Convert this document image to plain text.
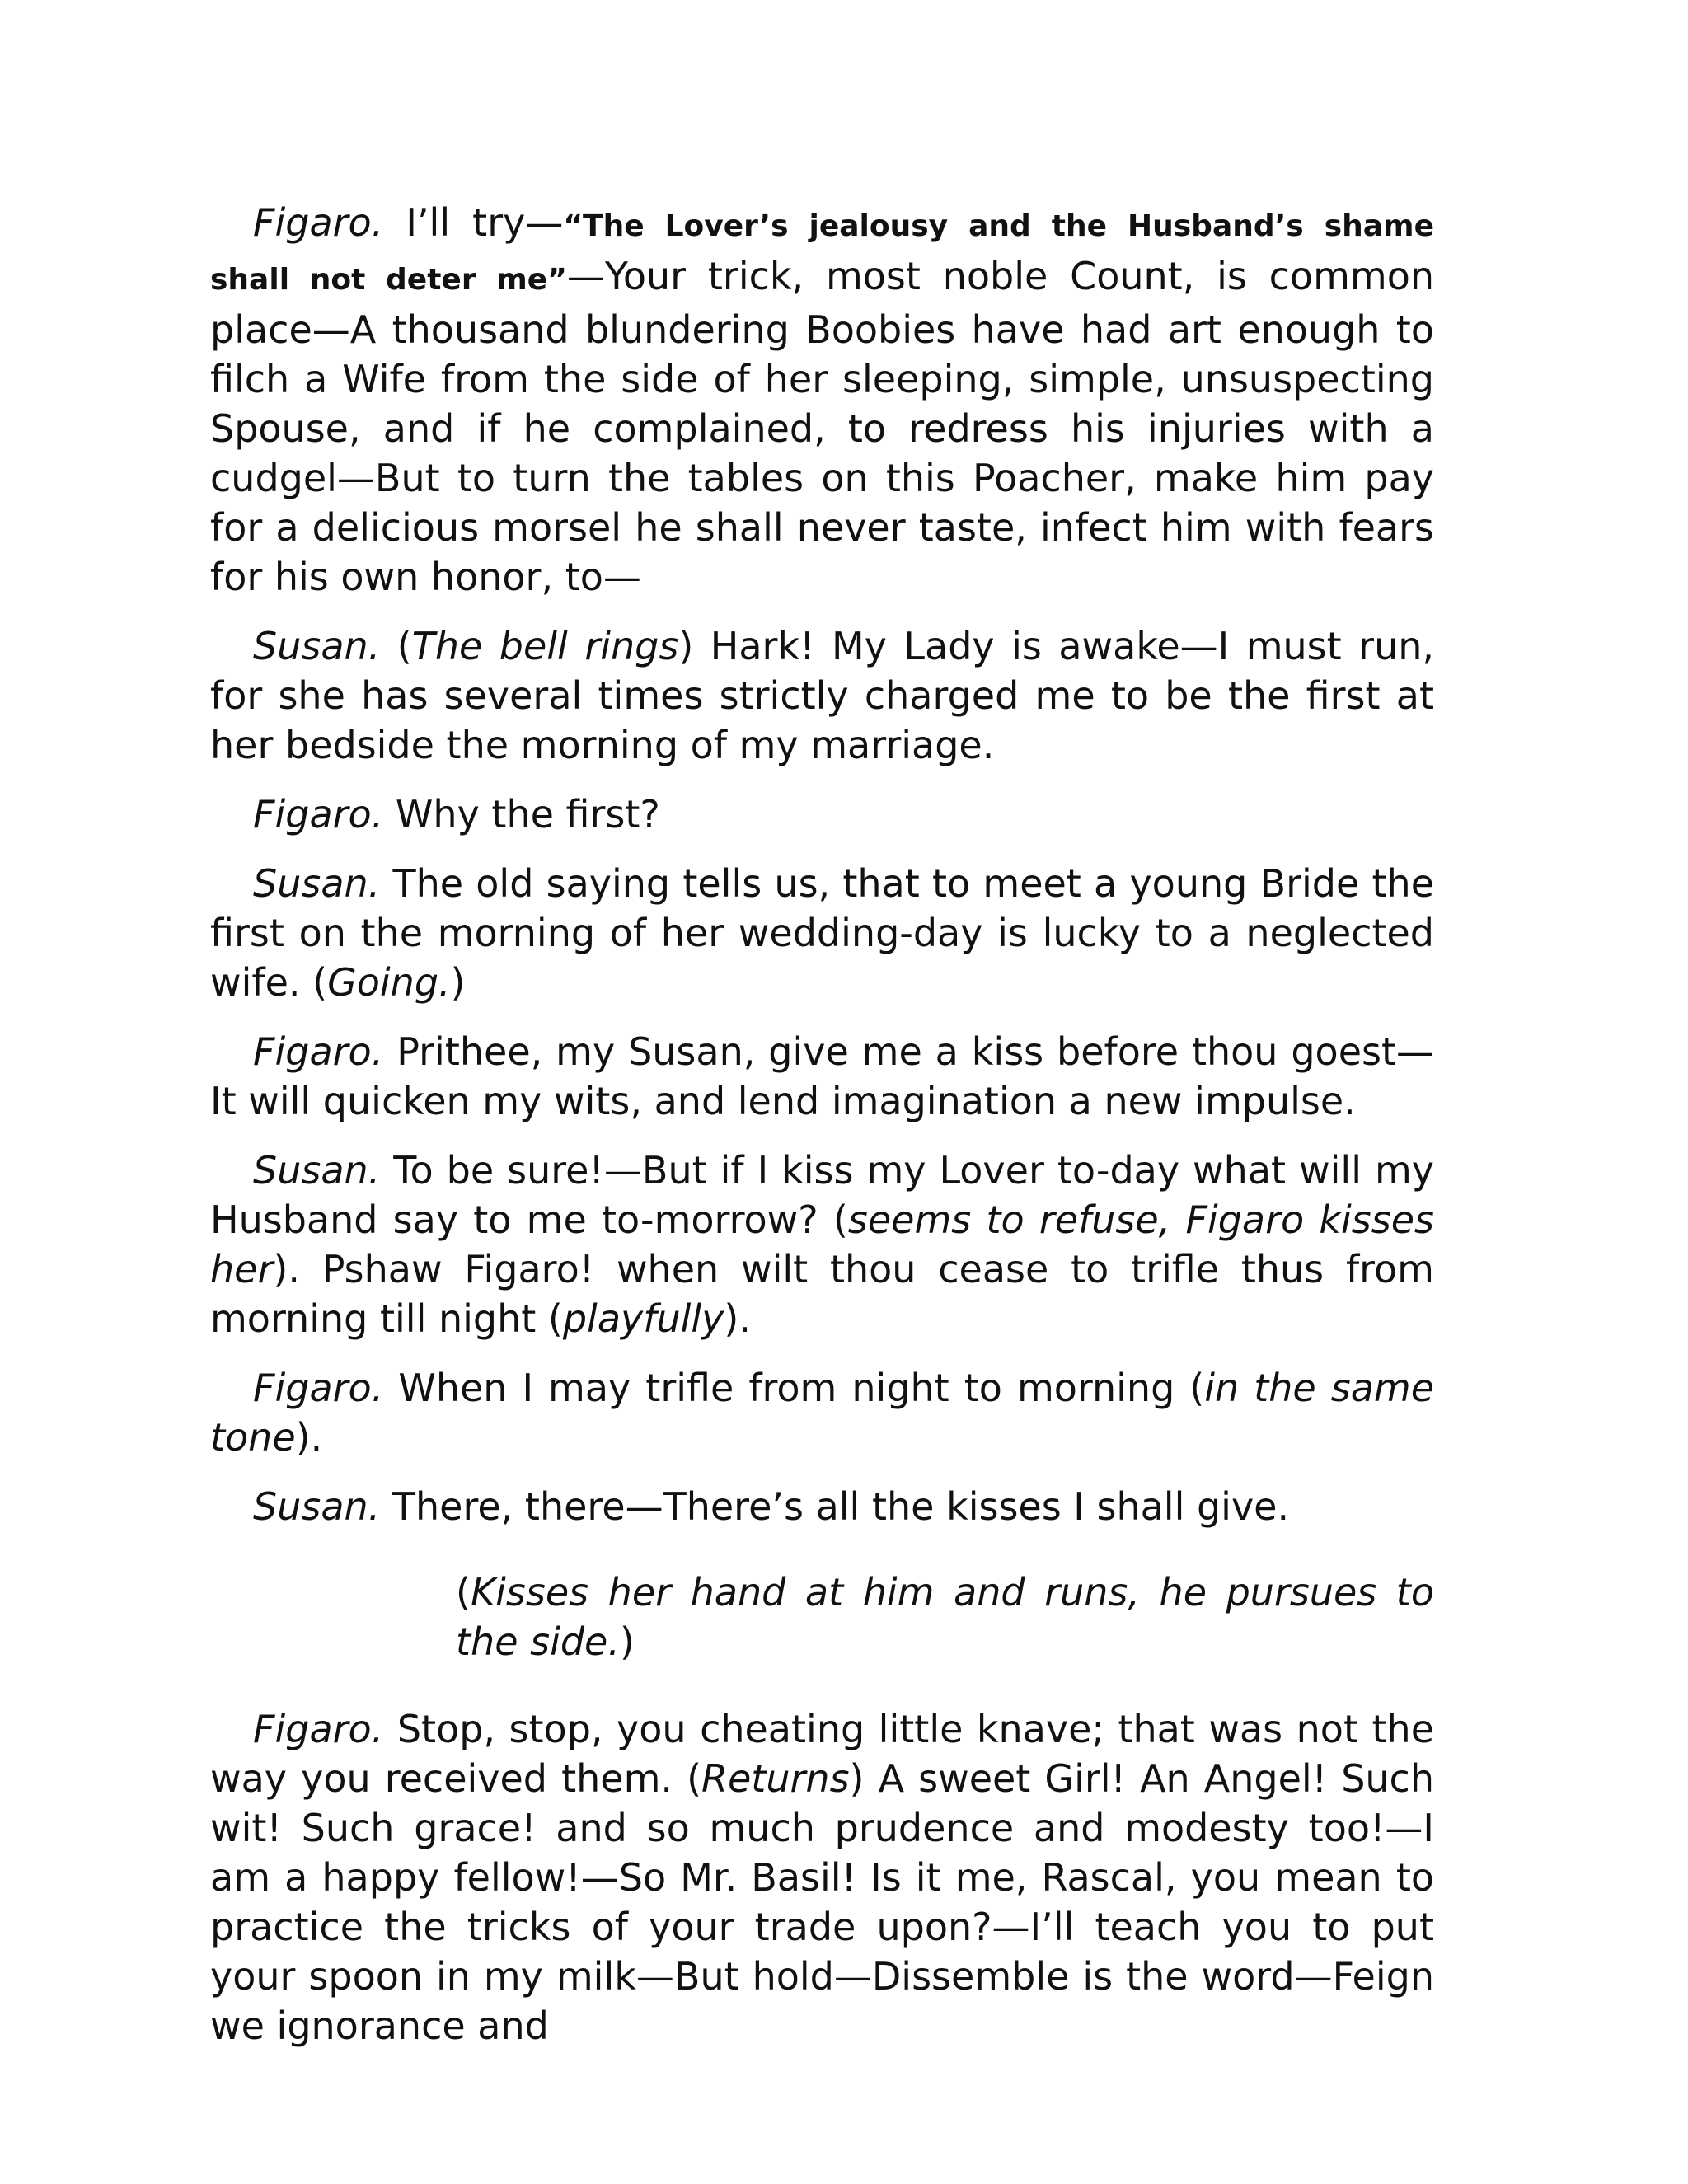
Figaro. I’ll try—“The Lover’s jealousy and the Husband’s shame shall not deter me”—Your trick, most noble Count, is common place—A thousand blundering Boobies have had art enough to filch a Wife from the side of her sleeping, simple, unsuspecting Spouse, and if he complained, to redress his injuries with a cudgel—But to turn the tables on this Poacher, make him pay for a delicious morsel he shall never taste, infect him with fears for his own honor, to—

Susan. (The bell rings) Hark! My Lady is awake—I must run, for she has several times strictly charged me to be the first at her bedside the morning of my marriage.

Figaro. Why the first?

Susan. The old saying tells us, that to meet a young Bride the first on the morning of her wedding-day is lucky to a neglected wife. (Going.)

Figaro. Prithee, my Susan, give me a kiss before thou goest—It will quicken my wits, and lend imagination a new impulse.

Susan. To be sure!—But if I kiss my Lover to-day what will my Husband say to me to-morrow? (seems to refuse, Figaro kisses her). Pshaw Figaro! when wilt thou cease to trifle thus from morning till night (playfully).

Figaro. When I may trifle from night to morning (in the same tone).

Susan. There, there—There’s all the kisses I shall give.

(Kisses her hand at him and runs, he pursues to the side.)

Figaro. Stop, stop, you cheating little knave; that was not the way you received them. (Returns) A sweet Girl! An Angel! Such wit! Such grace! and so much prudence and modesty too!—I am a happy fellow!—So Mr. Basil! Is it me, Rascal, you mean to practice the tricks of your trade upon?—I’ll teach you to put your spoon in my milk—But hold—Dissemble is the word—Feign we ignorance and
